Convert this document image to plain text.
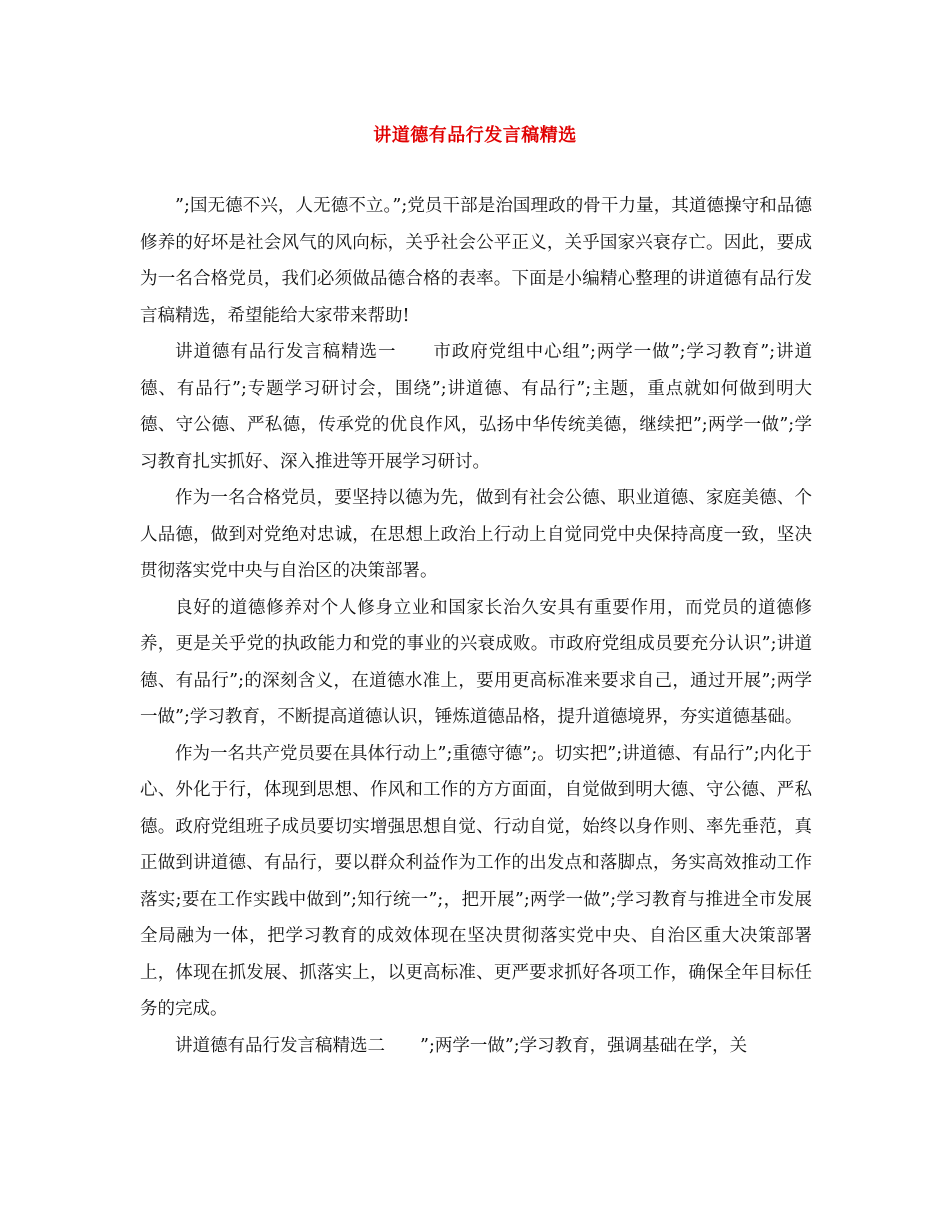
讲道德有品行发言稿精选

”;国无德不兴，人无德不立。”;党员干部是治国理政的骨干力量，其道德操守和品德修养的好坏是社会风气的风向标，关乎社会公平正义，关乎国家兴衰存亡。因此，要成为一名合格党员，我们必须做品德合格的表率。下面是小编精心整理的讲道德有品行发言稿精选，希望能给大家带来帮助!

讲道德有品行发言稿精选一　　市政府党组中心组”;两学一做”;学习教育”;讲道德、有品行”;专题学习研讨会，围绕”;讲道德、有品行”;主题，重点就如何做到明大德、守公德、严私德，传承党的优良作风，弘扬中华传统美德，继续把”;两学一做”;学习教育扎实抓好、深入推进等开展学习研讨。

作为一名合格党员，要坚持以德为先，做到有社会公德、职业道德、家庭美德、个人品德，做到对党绝对忠诚，在思想上政治上行动上自觉同党中央保持高度一致，坚决贯彻落实党中央与自治区的决策部署。

良好的道德修养对个人修身立业和国家长治久安具有重要作用，而党员的道德修养，更是关乎党的执政能力和党的事业的兴衰成败。市政府党组成员要充分认识”;讲道德、有品行”;的深刻含义，在道德水准上，要用更高标准来要求自己，通过开展”;两学一做”;学习教育，不断提高道德认识，锤炼道德品格，提升道德境界，夯实道德基础。

作为一名共产党员要在具体行动上”;重德守德”;。切实把”;讲道德、有品行”;内化于心、外化于行，体现到思想、作风和工作的方方面面，自觉做到明大德、守公德、严私德。政府党组班子成员要切实增强思想自觉、行动自觉，始终以身作则、率先垂范，真正做到讲道德、有品行，要以群众利益作为工作的出发点和落脚点，务实高效推动工作落实;要在工作实践中做到”;知行统一”;，把开展”;两学一做”;学习教育与推进全市发展全局融为一体，把学习教育的成效体现在坚决贯彻落实党中央、自治区重大决策部署上，体现在抓发展、抓落实上，以更高标准、更严要求抓好各项工作，确保全年目标任务的完成。

讲道德有品行发言稿精选二　　”;两学一做”;学习教育，强调基础在学，关
